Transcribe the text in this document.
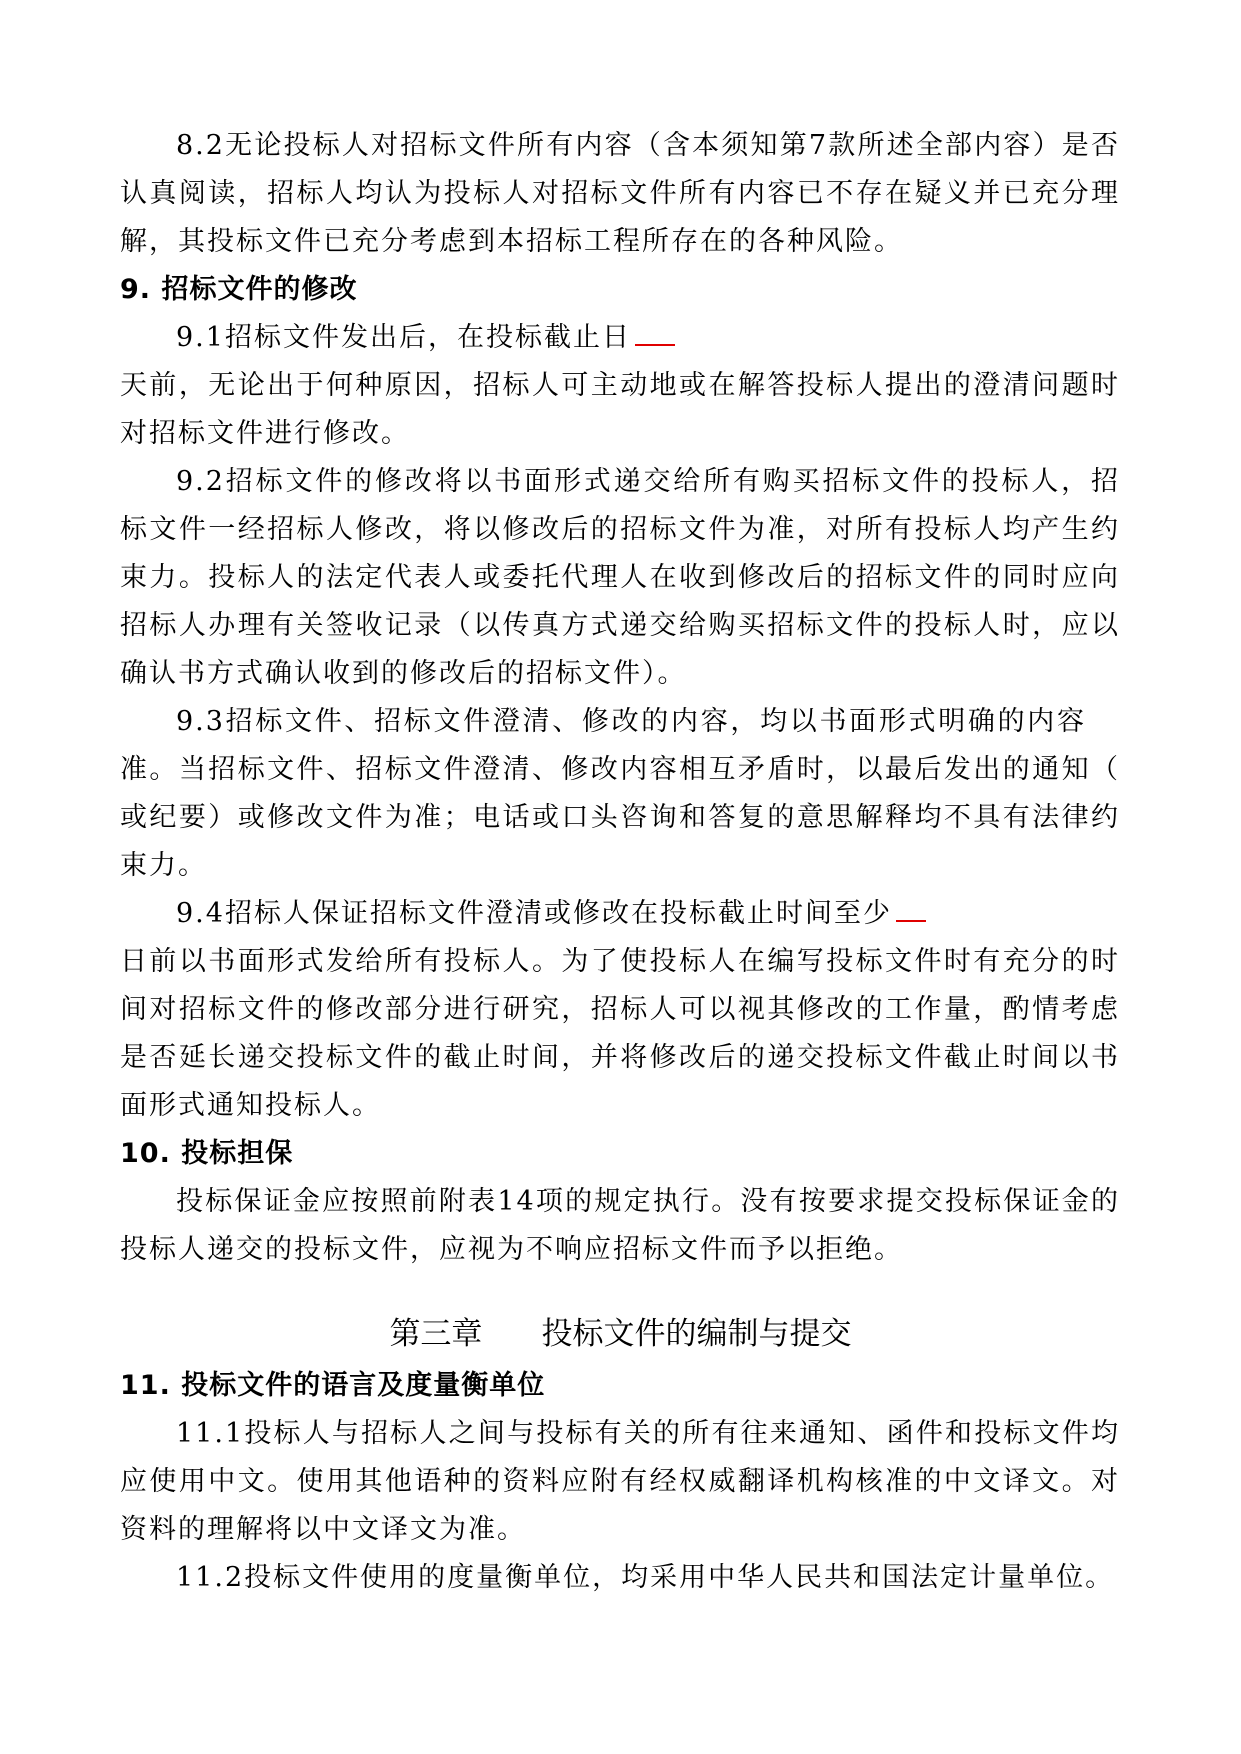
8.2无论投标人对招标文件所有内容（含本须知第7款所述全部内容）是否
认真阅读，招标人均认为投标人对招标文件所有内容已不存在疑义并已充分理
解，其投标文件已充分考虑到本招标工程所存在的各种风险。
9. 招标文件的修改
9.1招标文件发出后，在投标截止日
天前，无论出于何种原因，招标人可主动地或在解答投标人提出的澄清问题时
对招标文件进行修改。
9.2招标文件的修改将以书面形式递交给所有购买招标文件的投标人，招
标文件一经招标人修改，将以修改后的招标文件为准，对所有投标人均产生约
束力。投标人的法定代表人或委托代理人在收到修改后的招标文件的同时应向
招标人办理有关签收记录（以传真方式递交给购买招标文件的投标人时，应以
确认书方式确认收到的修改后的招标文件）。
9.3招标文件、招标文件澄清、修改的内容，均以书面形式明确的内容
准。当招标文件、招标文件澄清、修改内容相互矛盾时，以最后发出的通知（
或纪要）或修改文件为准；电话或口头咨询和答复的意思解释均不具有法律约
束力。
9.4招标人保证招标文件澄清或修改在投标截止时间至少
日前以书面形式发给所有投标人。为了使投标人在编写投标文件时有充分的时
间对招标文件的修改部分进行研究，招标人可以视其修改的工作量，酌情考虑
是否延长递交投标文件的截止时间，并将修改后的递交投标文件截止时间以书
面形式通知投标人。
10. 投标担保
投标保证金应按照前附表14项的规定执行。没有按要求提交投标保证金的
投标人递交的投标文件，应视为不响应招标文件而予以拒绝。
第三章      投标文件的编制与提交
11. 投标文件的语言及度量衡单位
11.1投标人与招标人之间与投标有关的所有往来通知、函件和投标文件均
应使用中文。使用其他语种的资料应附有经权威翻译机构核准的中文译文。对
资料的理解将以中文译文为准。
11.2投标文件使用的度量衡单位，均采用中华人民共和国法定计量单位。
